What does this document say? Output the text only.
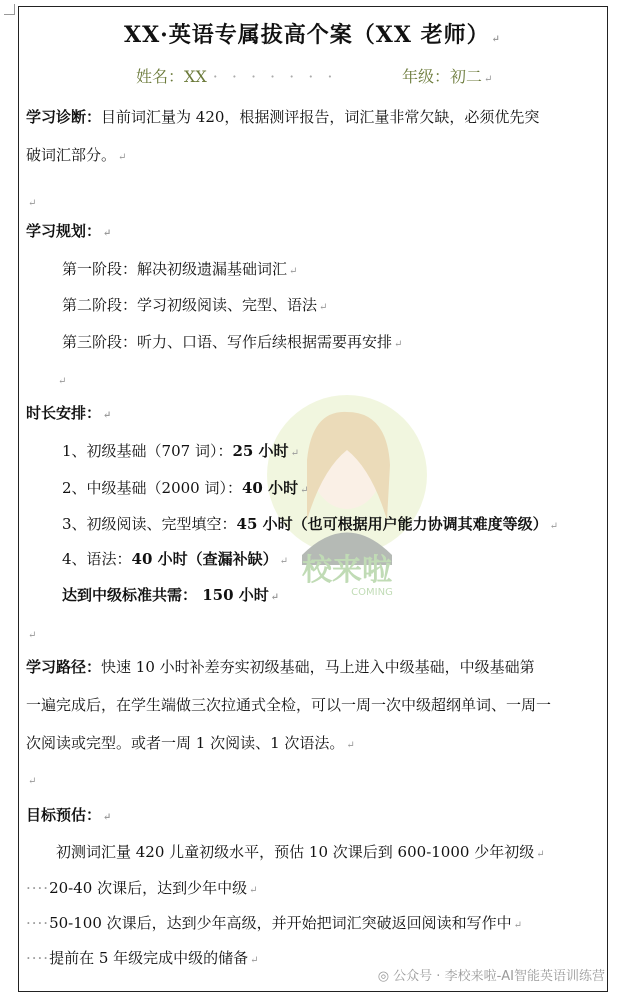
校来啦
COMING
XX·英语专属拔高个案（XX 老师） ↵
姓名：XX ·······	年级：初二 ↵
学习诊断：目前词汇量为 420，根据测评报告，词汇量非常欠缺，必须优先突
破词汇部分。 ↵
↵
学习规划： ↵
第一阶段：解决初级遗漏基础词汇 ↵
第二阶段：学习初级阅读、完型、语法 ↵
第三阶段：听力、口语、写作后续根据需要再安排 ↵
↵
时长安排： ↵
1、初级基础（707 词）：25 小时 ↵
2、中级基础（2000 词）：40 小时 ↵
3、初级阅读、完型填空：45 小时（也可根据用户能力协调其难度等级） ↵
4、语法：40 小时（查漏补缺） ↵
达到中级标准共需： 150 小时 ↵
↵
学习路径：快速 10 小时补差夯实初级基础，马上进入中级基础，中级基础第
一遍完成后，在学生端做三次拉通式全检，可以一周一次中级超纲单词、一周一
次阅读或完型。或者一周 1 次阅读、1 次语法。 ↵
↵
目标预估： ↵
初测词汇量 420 儿童初级水平，预估 10 次课后到 600-1000 少年初级 ↵
····20-40 次课后，达到少年中级 ↵
····50-100 次课后，达到少年高级，并开始把词汇突破返回阅读和写作中 ↵
····提前在 5 年级完成中级的储备 ↵
◎ 公众号 · 李校来啦-AI智能英语训练营
